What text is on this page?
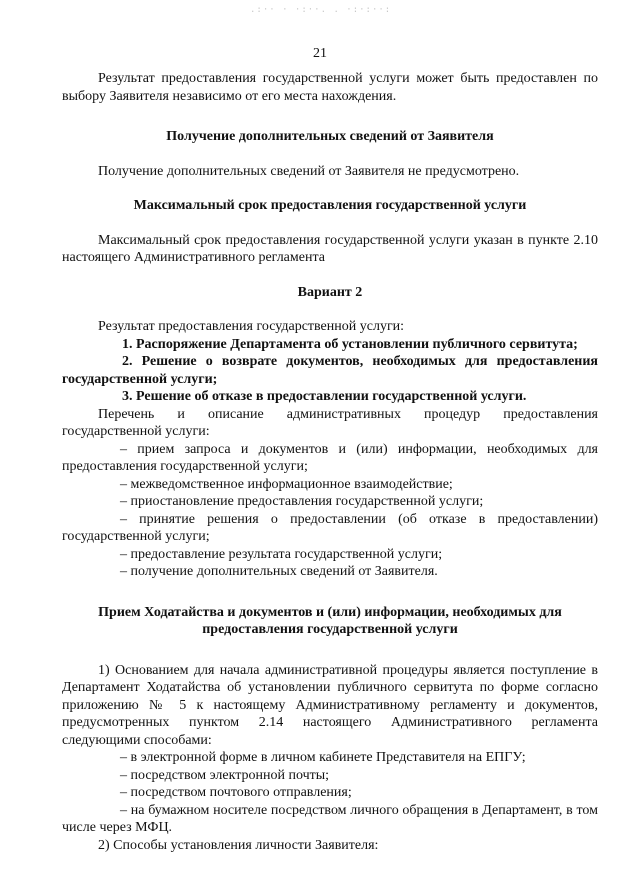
.:·· · ·:··. . ·:·:··:
21

Результат предоставления государственной услуги может быть предоставлен по выбору Заявителя независимо от его места нахождения.

Получение дополнительных сведений от Заявителя

Получение дополнительных сведений от Заявителя не предусмотрено.

Максимальный срок предоставления государственной услуги

Максимальный срок предоставления государственной услуги указан в пункте 2.10 настоящего Административного регламента

Вариант 2

Результат предоставления государственной услуги:

1. Распоряжение Департамента об установлении публичного сервитута;

2. Решение о возврате документов, необходимых для предоставления государственной услуги;

3. Решение об отказе в предоставлении государственной услуги.

Перечень и описание административных процедур предоставления государственной услуги:

– прием запроса и документов и (или) информации, необходимых для предоставления государственной услуги;

– межведомственное информационное взаимодействие;

– приостановление предоставления государственной услуги;

– принятие решения о предоставлении (об отказе в предоставлении) государственной услуги;

– предоставление результата государственной услуги;

– получение дополнительных сведений от Заявителя.

Прием Ходатайства и документов и (или) информации, необходимых для предоставления государственной услуги

1) Основанием для начала административной процедуры является поступление в Департамент Ходатайства об установлении публичного сервитута по форме согласно приложению № 5 к настоящему Административному регламенту и документов, предусмотренных пунктом 2.14 настоящего Административного регламента следующими способами:

– в электронной форме в личном кабинете Представителя на ЕПГУ;

– посредством электронной почты;

– посредством почтового отправления;

– на бумажном носителе посредством личного обращения в Департамент, в том числе через МФЦ.

2) Способы установления личности Заявителя:
